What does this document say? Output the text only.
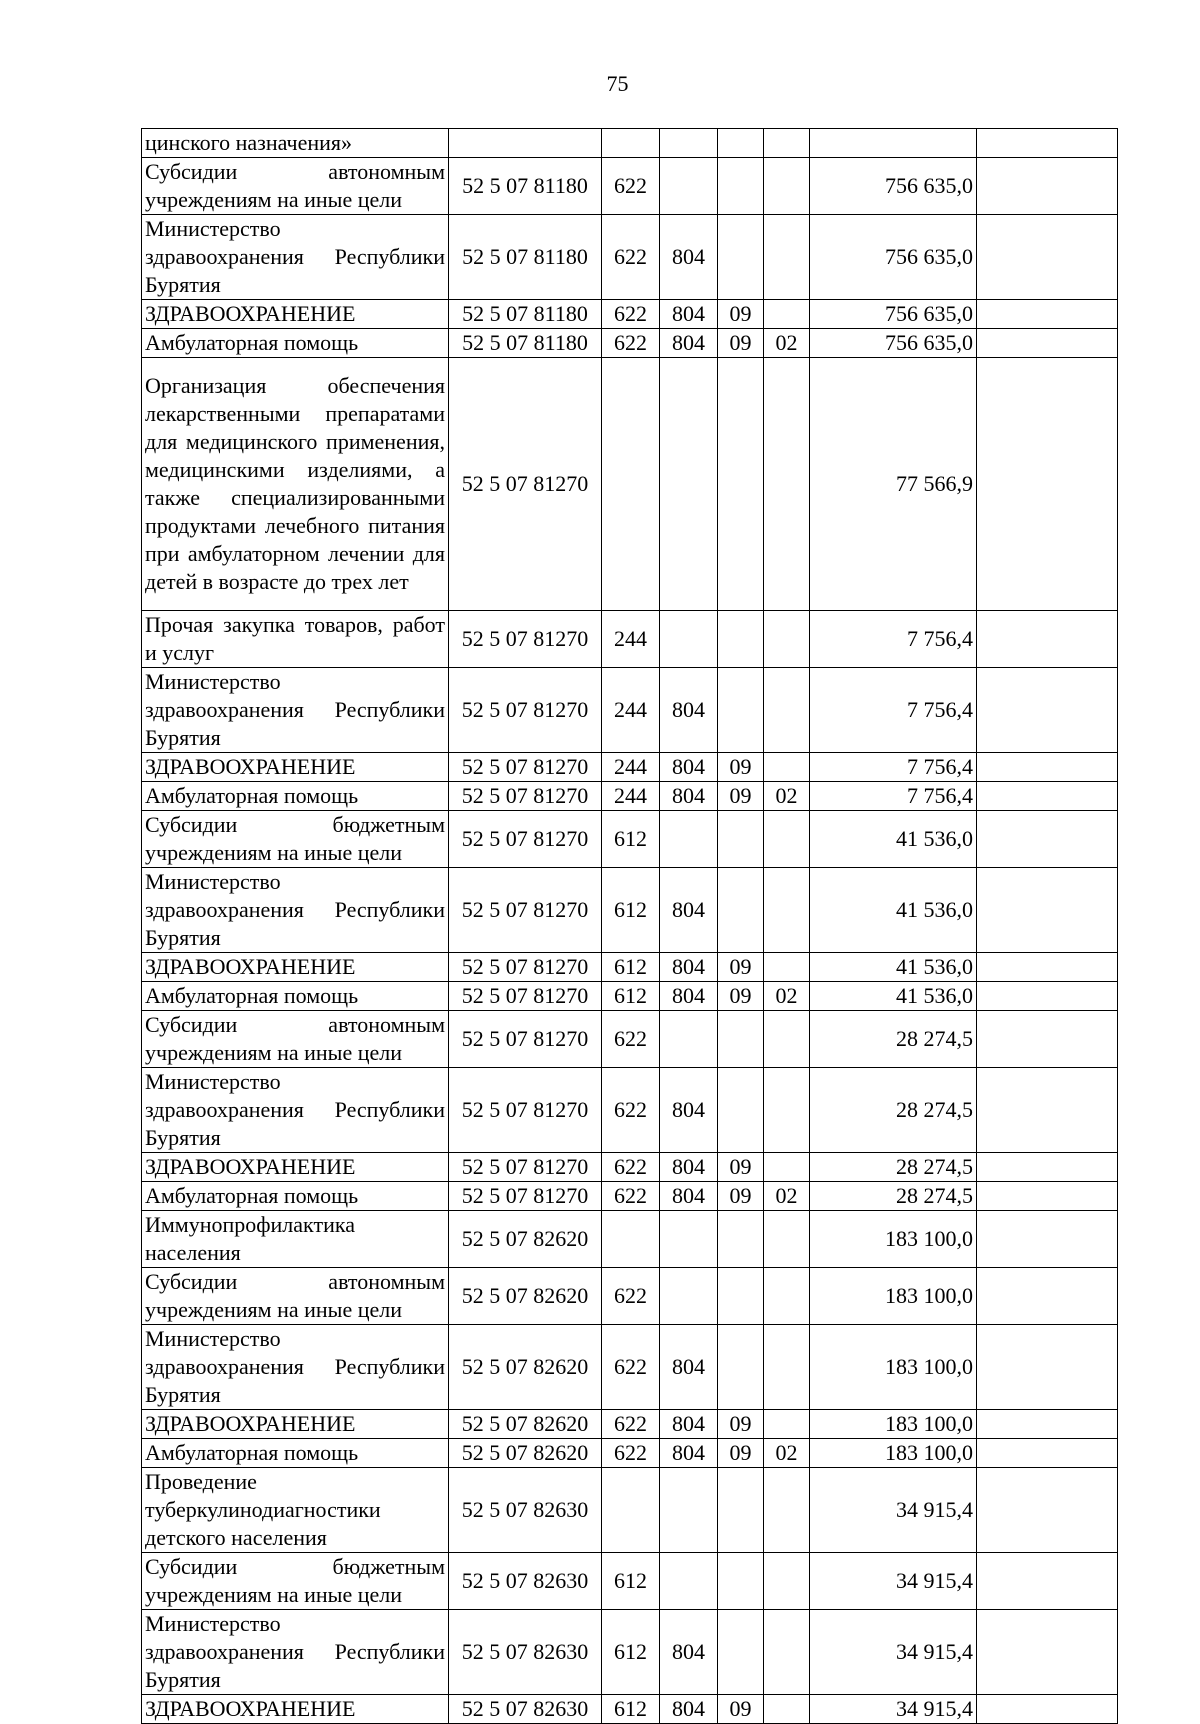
75
цинского назначения»							
Субсидии автономным учреждениям на иные цели	52 5 07 81180	622				756 635,0	
Министерство здравоохранения Республики Бурятия	52 5 07 81180	622	804			756 635,0	
ЗДРАВООХРАНЕНИЕ	52 5 07 81180	622	804	09		756 635,0	
Амбулаторная помощь	52 5 07 81180	622	804	09	02	756 635,0	
Организация обеспечения лекарственными препаратами для медицинского применения, медицинскими изделиями, а также специализированными продуктами лечебного питания при амбулаторном лечении для детей в возрасте до трех лет	52 5 07 81270					77 566,9	
Прочая закупка товаров, работ и услуг	52 5 07 81270	244				7 756,4	
Министерство здравоохранения Республики Бурятия	52 5 07 81270	244	804			7 756,4	
ЗДРАВООХРАНЕНИЕ	52 5 07 81270	244	804	09		7 756,4	
Амбулаторная помощь	52 5 07 81270	244	804	09	02	7 756,4	
Субсидии бюджетным учреждениям на иные цели	52 5 07 81270	612				41 536,0	
Министерство здравоохранения Республики Бурятия	52 5 07 81270	612	804			41 536,0	
ЗДРАВООХРАНЕНИЕ	52 5 07 81270	612	804	09		41 536,0	
Амбулаторная помощь	52 5 07 81270	612	804	09	02	41 536,0	
Субсидии автономным учреждениям на иные цели	52 5 07 81270	622				28 274,5	
Министерство здравоохранения Республики Бурятия	52 5 07 81270	622	804			28 274,5	
ЗДРАВООХРАНЕНИЕ	52 5 07 81270	622	804	09		28 274,5	
Амбулаторная помощь	52 5 07 81270	622	804	09	02	28 274,5	
Иммунопрофилактика населения	52 5 07 82620					183 100,0	
Субсидии автономным учреждениям на иные цели	52 5 07 82620	622				183 100,0	
Министерство здравоохранения Республики Бурятия	52 5 07 82620	622	804			183 100,0	
ЗДРАВООХРАНЕНИЕ	52 5 07 82620	622	804	09		183 100,0	
Амбулаторная помощь	52 5 07 82620	622	804	09	02	183 100,0	
Проведение туберкулинодиагностики детского населения	52 5 07 82630					34 915,4	
Субсидии бюджетным учреждениям на иные цели	52 5 07 82630	612				34 915,4	
Министерство здравоохранения Республики Бурятия	52 5 07 82630	612	804			34 915,4	
ЗДРАВООХРАНЕНИЕ	52 5 07 82630	612	804	09		34 915,4	
